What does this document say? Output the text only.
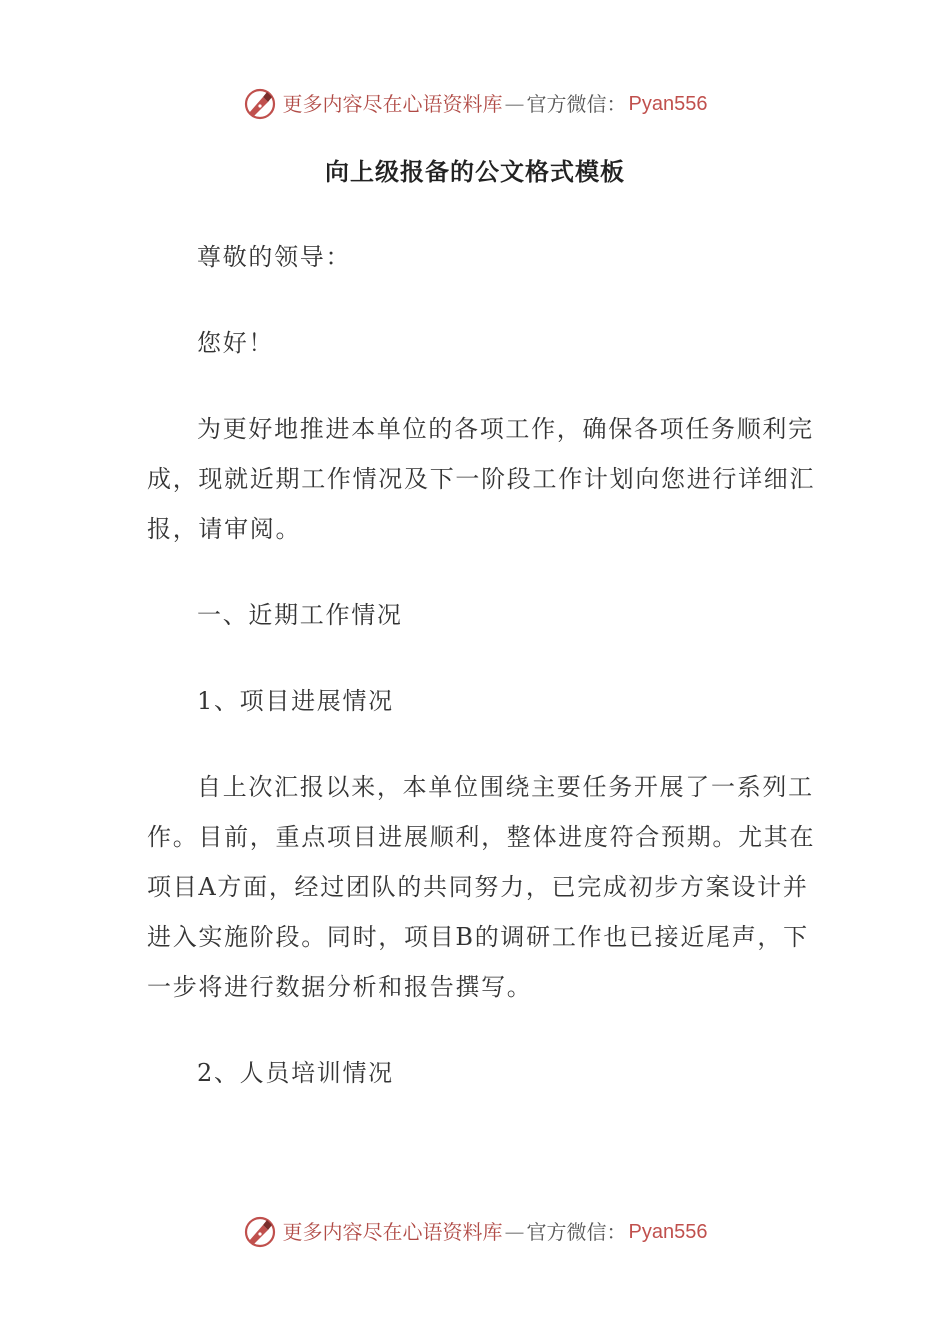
更多内容尽在心语资料库 — 官方微信： Pyan556
向上级报备的公文格式模板

尊敬的领导：

您好！

为更好地推进本单位的各项工作，确保各项任务顺利完成，现就近期工作情况及下一阶段工作计划向您进行详细汇报，请审阅。

一、近期工作情况

1、项目进展情况

自上次汇报以来，本单位围绕主要任务开展了一系列工作。目前，重点项目进展顺利，整体进度符合预期。尤其在项目A方面，经过团队的共同努力，已完成初步方案设计并进入实施阶段。同时，项目B的调研工作也已接近尾声，下一步将进行数据分析和报告撰写。

2、人员培训情况

更多内容尽在心语资料库 — 官方微信： Pyan556
